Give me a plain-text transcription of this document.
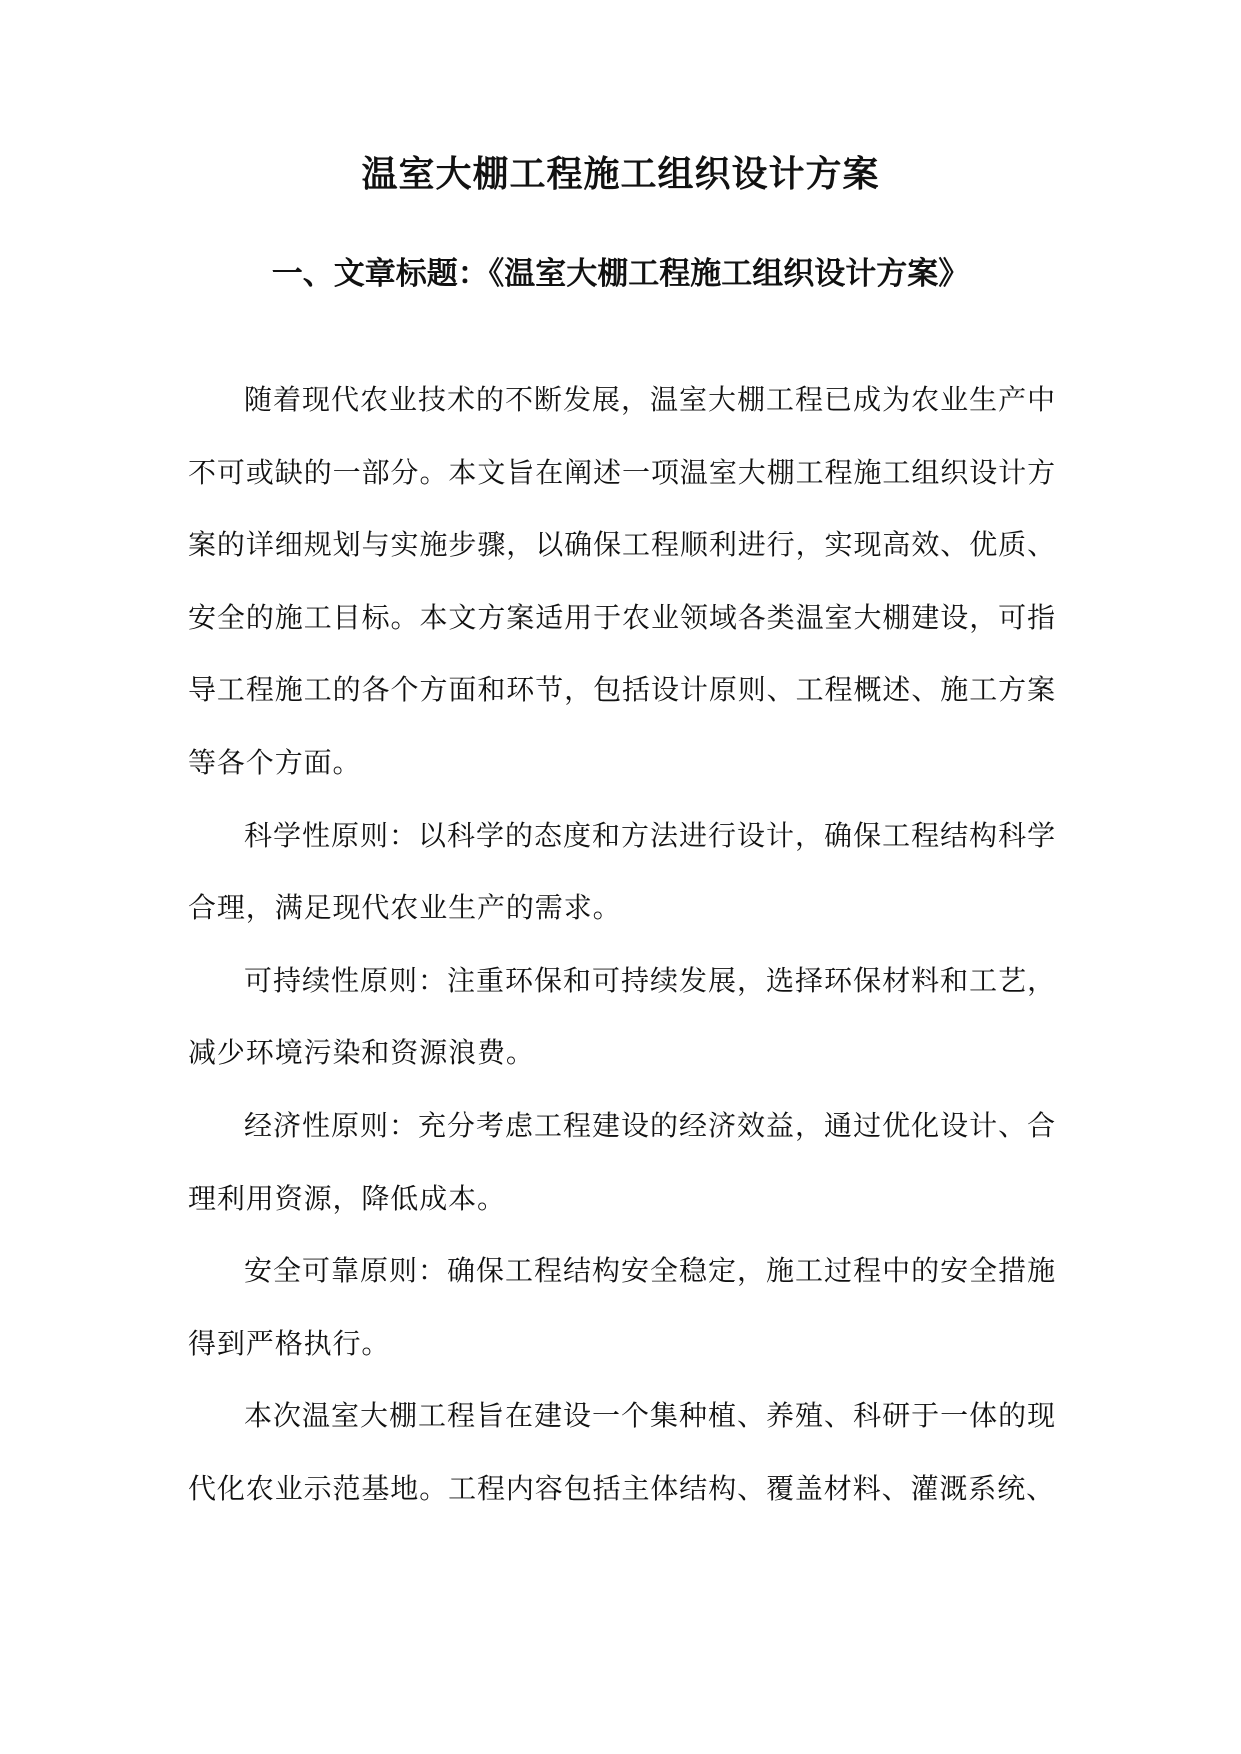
温室大棚工程施工组织设计方案
一、文章标题：《温室大棚工程施工组织设计方案》

随着现代农业技术的不断发展，温室大棚工程已成为农业生产中不可或缺的一部分。本文旨在阐述一项温室大棚工程施工组织设计方案的详细规划与实施步骤，以确保工程顺利进行，实现高效、优质、安全的施工目标。本文方案适用于农业领域各类温室大棚建设，可指导工程施工的各个方面和环节，包括设计原则、工程概述、施工方案等各个方面。

科学性原则：以科学的态度和方法进行设计，确保工程结构科学合理，满足现代农业生产的需求。

可持续性原则：注重环保和可持续发展，选择环保材料和工艺，减少环境污染和资源浪费。

经济性原则：充分考虑工程建设的经济效益，通过优化设计、合理利用资源，降低成本。

安全可靠原则：确保工程结构安全稳定，施工过程中的安全措施得到严格执行。

本次温室大棚工程旨在建设一个集种植、养殖、科研于一体的现代化农业示范基地。工程内容包括主体结构、覆盖材料、灌溉系统、
